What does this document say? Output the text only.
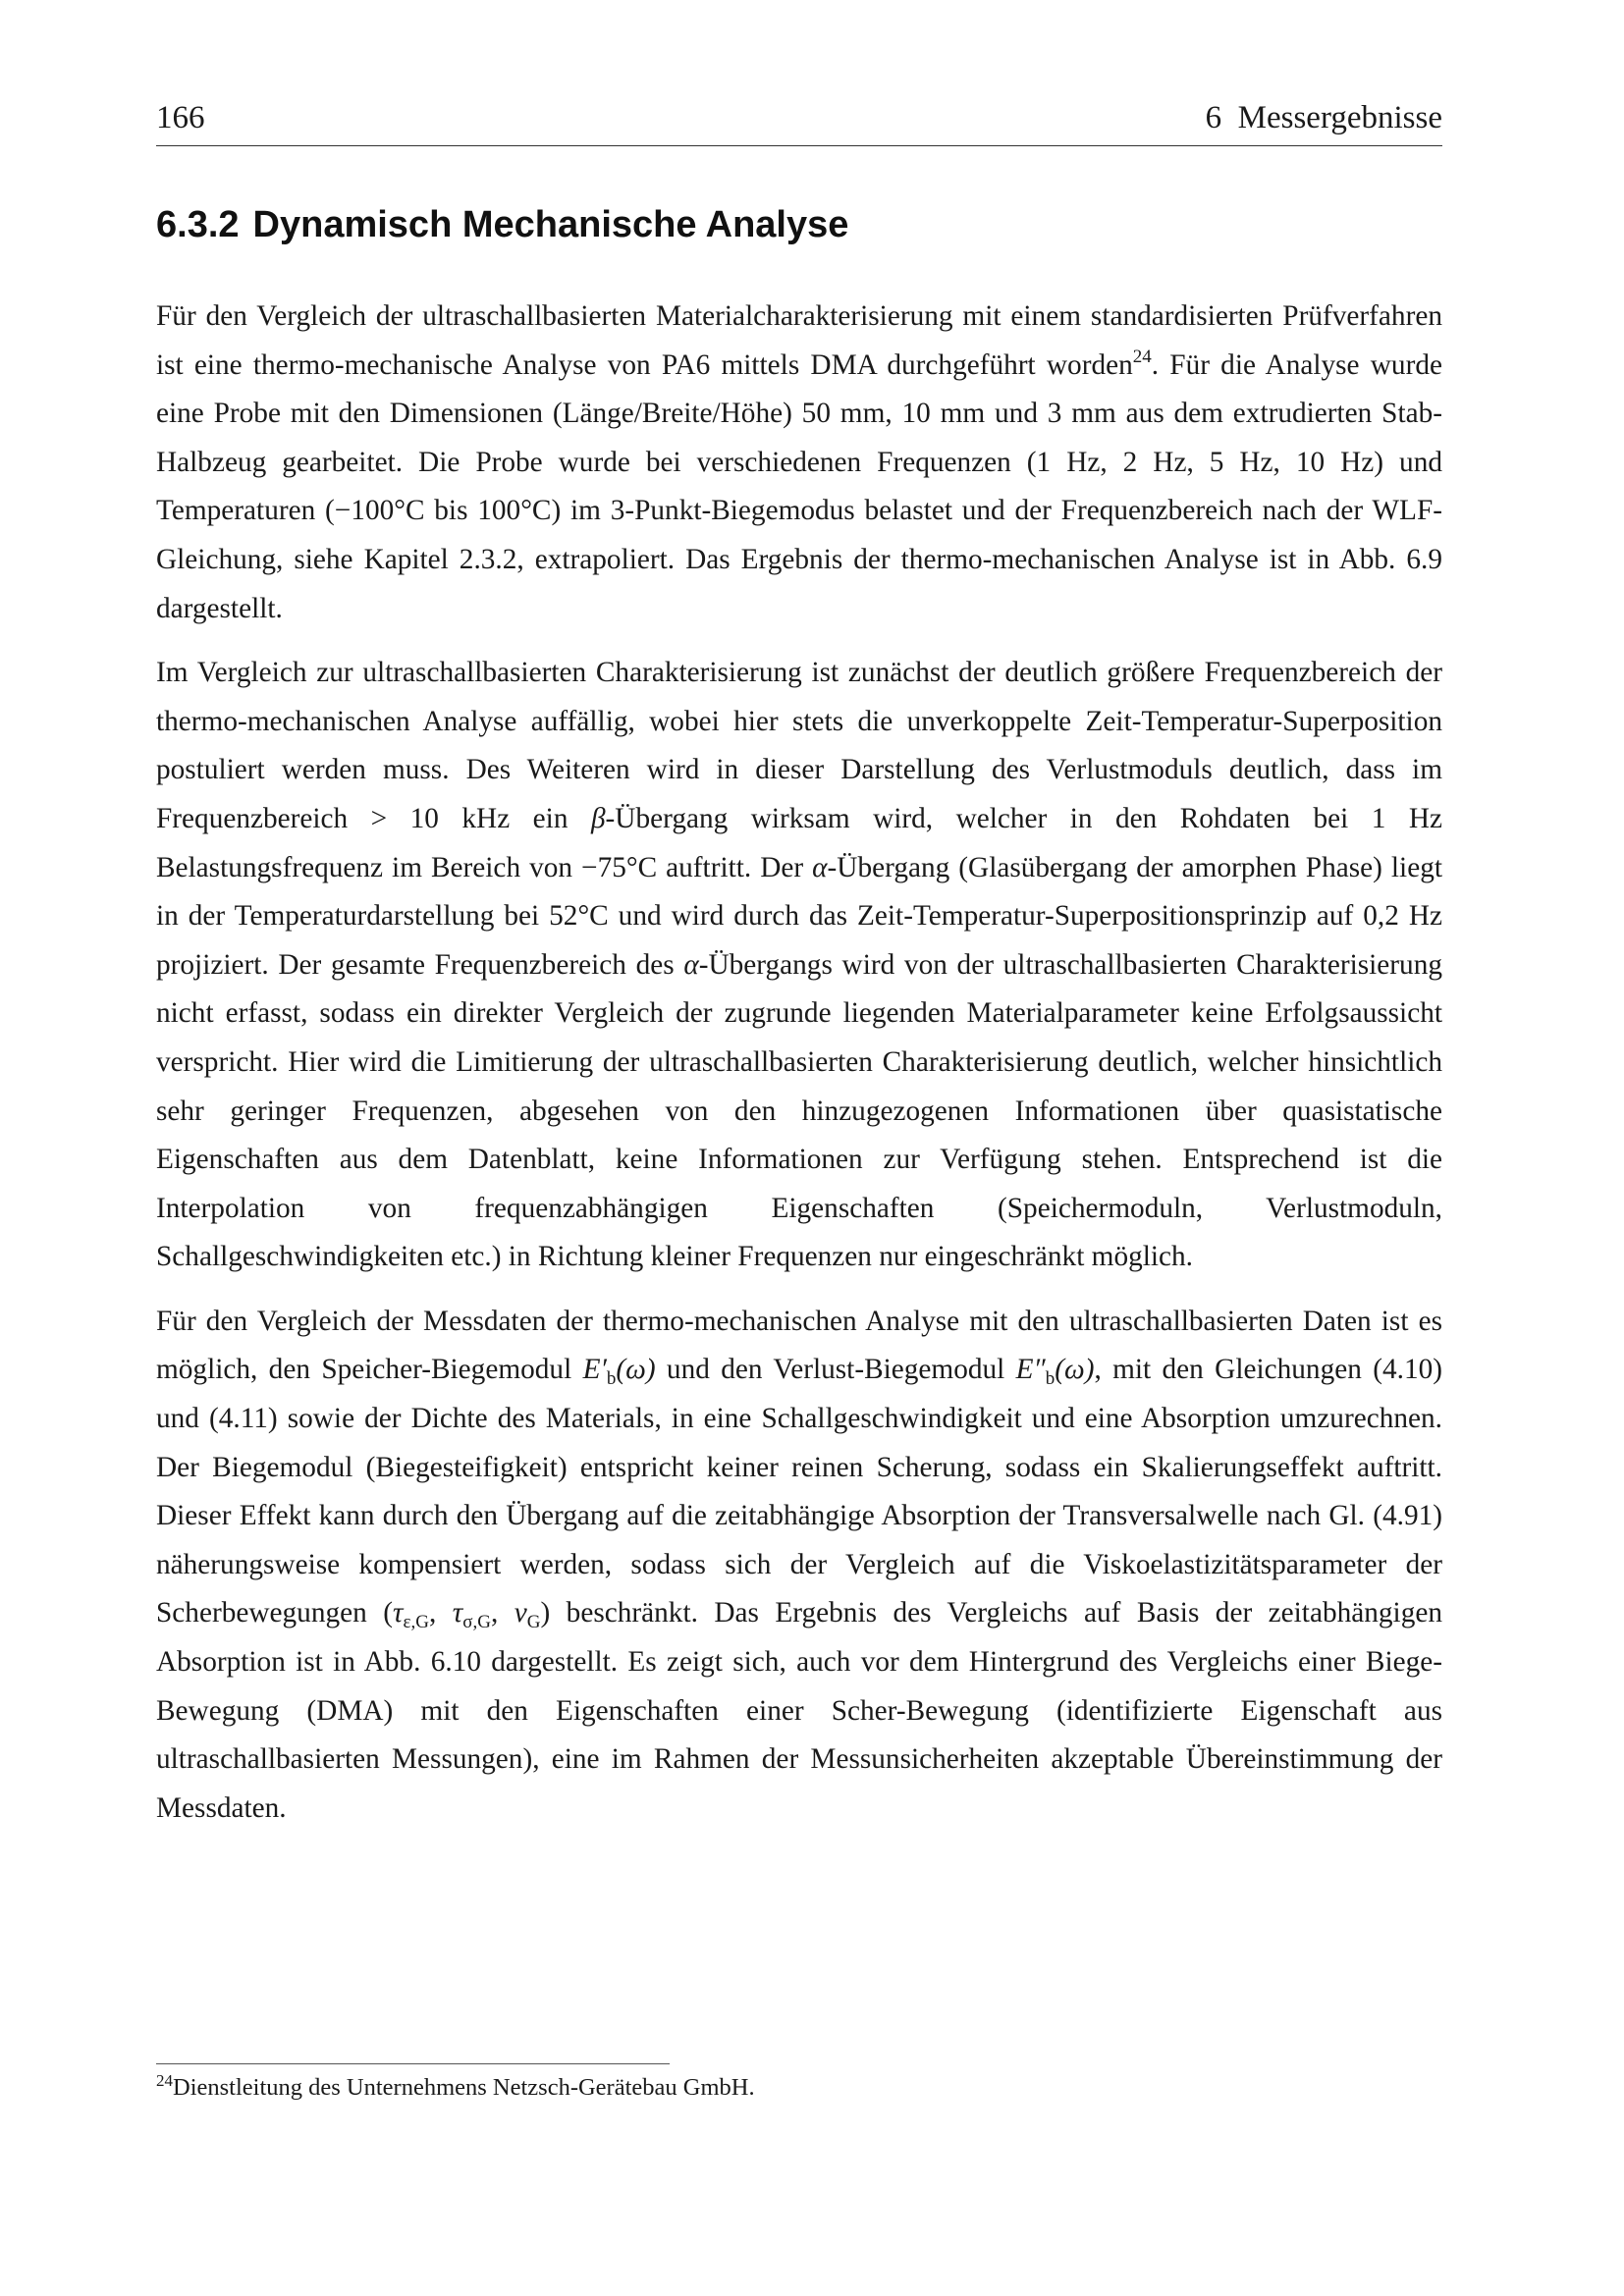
166	6  Messergebnisse
6.3.2 Dynamisch Mechanische Analyse

Für den Vergleich der ultraschallbasierten Materialcharakterisierung mit einem standardisierten Prüfverfahren ist eine thermo-mechanische Analyse von PA6 mittels DMA durchgeführt worden$^{24}$. Für die Analyse wurde eine Probe mit den Dimensionen (Länge/Breite/Höhe) 50 mm, 10 mm und 3 mm aus dem extrudierten Stab-Halbzeug gearbeitet. Die Probe wurde bei verschiedenen Frequenzen (1 Hz, 2 Hz, 5 Hz, 10 Hz) und Temperaturen (−100°C bis 100°C) im 3-Punkt-Biegemodus belastet und der Frequenzbereich nach der WLF-Gleichung, siehe Kapitel 2.3.2, extrapoliert. Das Ergebnis der thermo-mechanischen Analyse ist in Abb. 6.9 dargestellt.

Im Vergleich zur ultraschallbasierten Charakterisierung ist zunächst der deutlich größere Frequenzbereich der thermo-mechanischen Analyse auffällig, wobei hier stets die unverkoppelte Zeit-Temperatur-Superposition postuliert werden muss. Des Weiteren wird in dieser Darstellung des Verlustmoduls deutlich, dass im Frequenzbereich > 10 kHz ein β-Übergang wirksam wird, welcher in den Rohdaten bei 1 Hz Belastungsfrequenz im Bereich von −75°C auftritt. Der α-Übergang (Glasübergang der amorphen Phase) liegt in der Temperaturdarstellung bei 52°C und wird durch das Zeit-Temperatur-Superpositionsprinzip auf 0,2 Hz projiziert. Der gesamte Frequenzbereich des α-Übergangs wird von der ultraschallbasierten Charakterisierung nicht erfasst, sodass ein direkter Vergleich der zugrunde liegenden Materialparameter keine Erfolgsaussicht verspricht. Hier wird die Limitierung der ultraschallbasierten Charakterisierung deutlich, welcher hinsichtlich sehr geringer Frequenzen, abgesehen von den hinzugezogenen Informationen über quasistatische Eigenschaften aus dem Datenblatt, keine Informationen zur Verfügung stehen. Entsprechend ist die Interpolation von frequenzabhängigen Eigenschaften (Speichermoduln, Verlustmoduln, Schallgeschwindigkeiten etc.) in Richtung kleiner Frequenzen nur eingeschränkt möglich.

Für den Vergleich der Messdaten der thermo-mechanischen Analyse mit den ultraschallbasierten Daten ist es möglich, den Speicher-Biegemodul $E'_b(\omega)$ und den Verlust-Biegemodul $E''_b(\omega)$, mit den Gleichungen (4.10) und (4.11) sowie der Dichte des Materials, in eine Schallgeschwindigkeit und eine Absorption umzurechnen. Der Biegemodul (Biegesteifigkeit) entspricht keiner reinen Scherung, sodass ein Skalierungseffekt auftritt. Dieser Effekt kann durch den Übergang auf die zeitabhängige Absorption der Transversalwelle nach Gl. (4.91) näherungsweise kompensiert werden, sodass sich der Vergleich auf die Viskoelastizitätsparameter der Scherbewegungen ($\tau_{\varepsilon,G}$, $\tau_{\sigma,G}$, $\nu_G$) beschränkt. Das Ergebnis des Vergleichs auf Basis der zeitabhängigen Absorption ist in Abb. 6.10 dargestellt. Es zeigt sich, auch vor dem Hintergrund des Vergleichs einer Biege-Bewegung (DMA) mit den Eigenschaften einer Scher-Bewegung (identifizierte Eigenschaft aus ultraschallbasierten Messungen), eine im Rahmen der Messunsicherheiten akzeptable Übereinstimmung der Messdaten.

$^{24}$Dienstleitung des Unternehmens Netzsch-Gerätebau GmbH.
